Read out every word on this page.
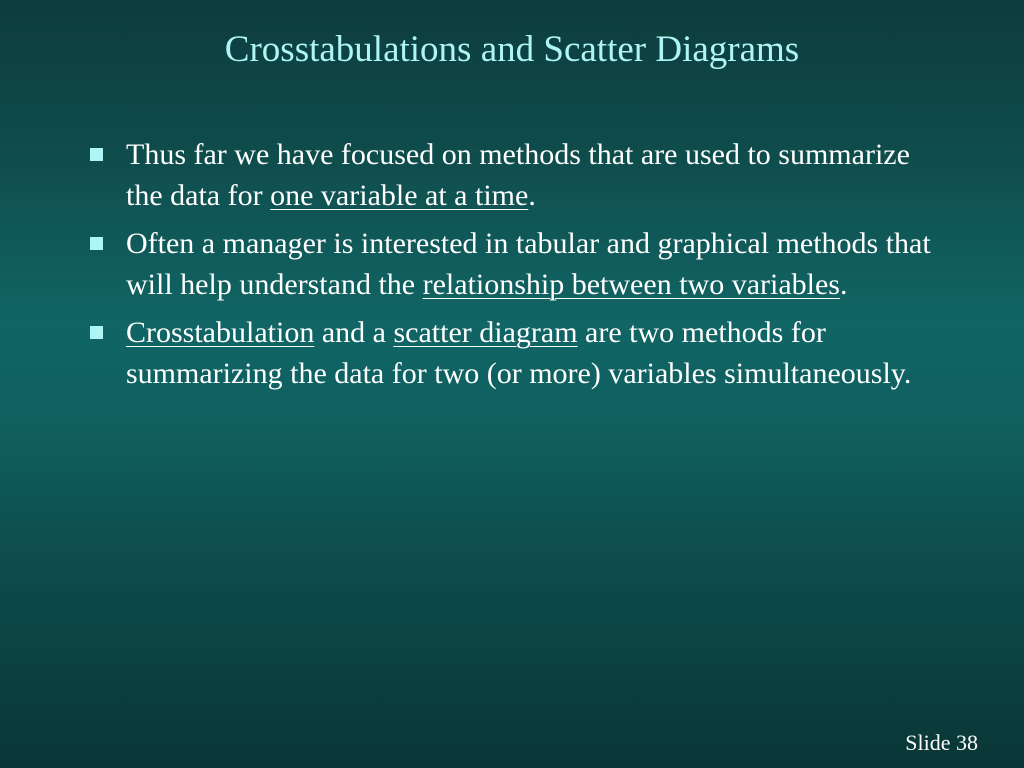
Crosstabulations and Scatter Diagrams
Thus far we have focused on methods that are used to summarize the data for one variable at a time.
Often a manager is interested in tabular and graphical methods that will help understand the relationship between two variables.
Crosstabulation and a scatter diagram are two methods for summarizing the data for two (or more) variables simultaneously.
Slide 38
